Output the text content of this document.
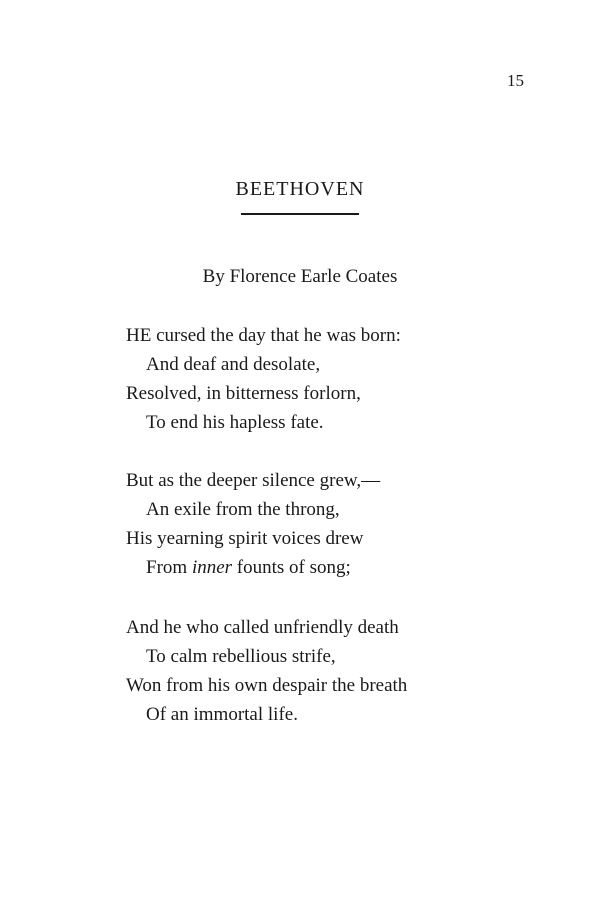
15
BEETHOVEN
By Florence Earle Coates
HE cursed the day that he was born:
And deaf and desolate,
Resolved, in bitterness forlorn,
To end his hapless fate.
But as the deeper silence grew,—
An exile from the throng,
His yearning spirit voices drew
From inner founts of song;
And he who called unfriendly death
To calm rebellious strife,
Won from his own despair the breath
Of an immortal life.
